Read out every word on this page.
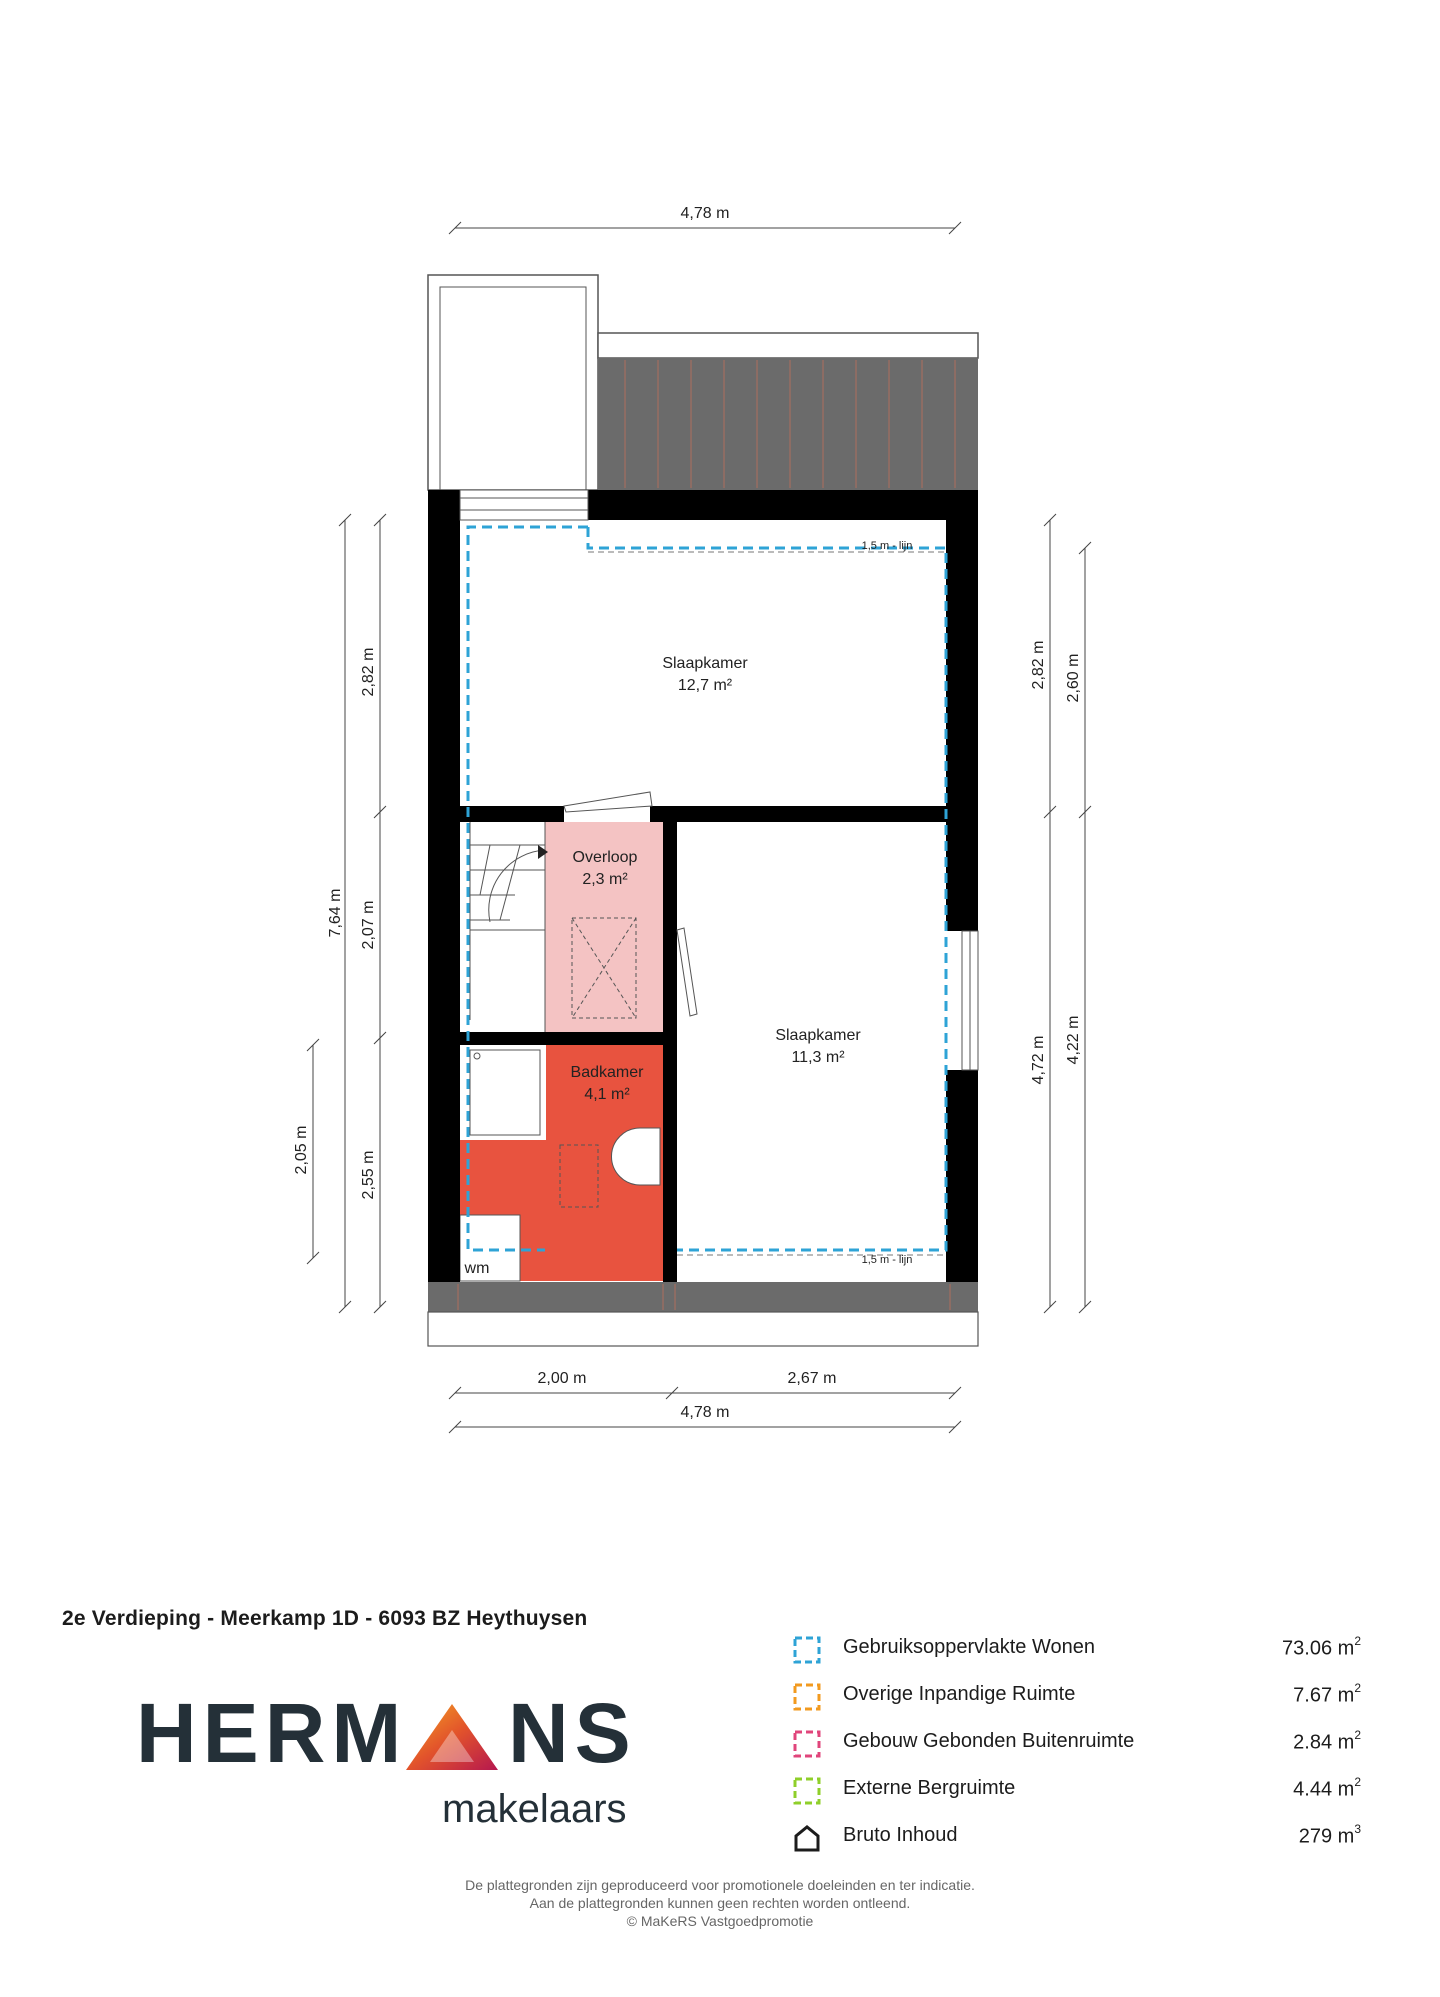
4,78 m
1,5 m - lijn
1,5 m - lijn
Slaapkamer
12,7 m²
Slaapkamer
11,3 m²
Overloop
2,3 m²
Badkamer
4,1 m²
wm
7,64 m
2,82 m
2,07 m
2,55 m
2,05 m
2,82 m 2,60 m
4,72 m 4,22 m
2,00 m	2,67 m
4,78 m
2e Verdieping - Meerkamp 1D - 6093 BZ Heythuysen
HERM NS
makelaars
Gebruiksoppervlakte Wonen	73.06 $m^2$
Overige Inpandige Ruimte	7.67 $m^2$
Gebouw Gebonden Buitenruimte	2.84 $m^2$
Externe Bergruimte	4.44 $m^2$
Bruto Inhoud	279 $m^3$
De plattegronden zijn geproduceerd voor promotionele doeleinden en ter indicatie.
Aan de plattegronden kunnen geen rechten worden ontleend.
© MaKeRS Vastgoedpromotie
